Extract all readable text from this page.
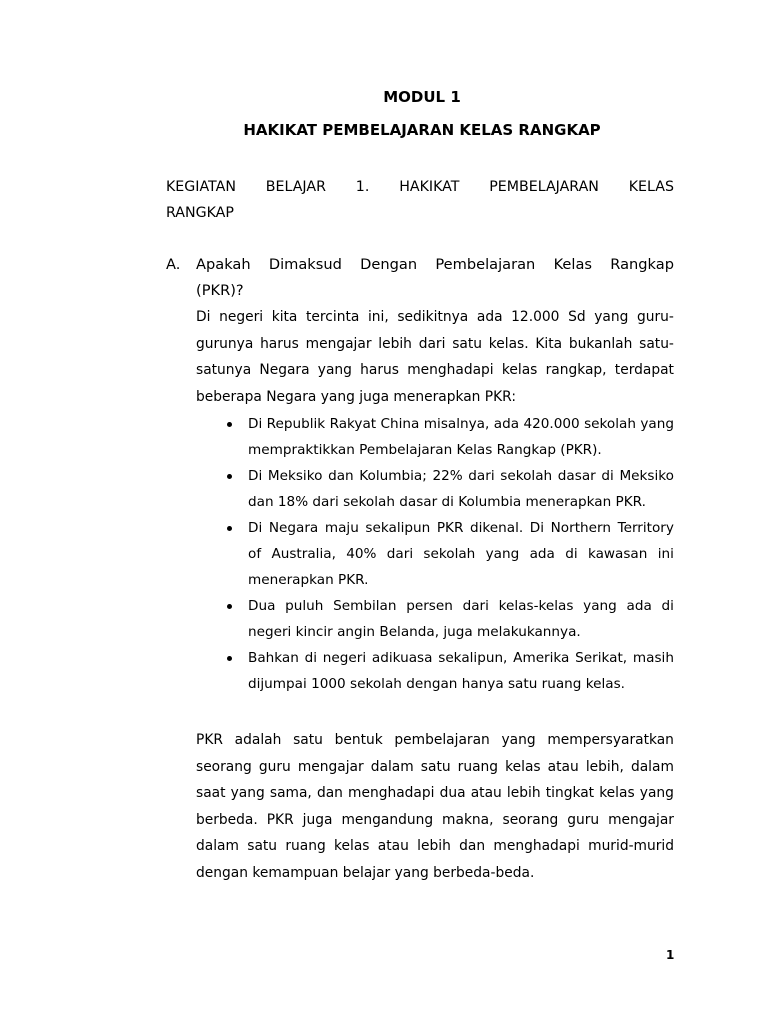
MODUL 1
HAKIKAT PEMBELAJARAN KELAS RANGKAP
KEGIATAN BELAJAR 1. HAKIKAT PEMBELAJARAN KELAS
RANGKAP
A. Apakah Dimaksud Dengan Pembelajaran Kelas Rangkap
(PKR)?
Di negeri kita tercinta ini, sedikitnya ada 12.000 Sd yang guru-
gurunya harus mengajar lebih dari satu kelas. Kita bukanlah satu-
satunya Negara yang harus menghadapi kelas rangkap, terdapat
beberapa Negara yang juga menerapkan PKR:
Di Republik Rakyat China misalnya, ada 420.000 sekolah yang
mempraktikkan Pembelajaran Kelas Rangkap (PKR).
Di Meksiko dan Kolumbia; 22% dari sekolah dasar di Meksiko
dan 18% dari sekolah dasar di Kolumbia menerapkan PKR.
Di Negara maju sekalipun PKR dikenal. Di Northern Territory
of Australia, 40% dari sekolah yang ada di kawasan ini
menerapkan PKR.
Dua puluh Sembilan persen dari kelas-kelas yang ada di
negeri kincir angin Belanda, juga melakukannya.
Bahkan di negeri adikuasa sekalipun, Amerika Serikat, masih
dijumpai 1000 sekolah dengan hanya satu ruang kelas.
PKR adalah satu bentuk pembelajaran yang mempersyaratkan
seorang guru mengajar dalam satu ruang kelas atau lebih, dalam
saat yang sama, dan menghadapi dua atau lebih tingkat kelas yang
berbeda. PKR juga mengandung makna, seorang guru mengajar
dalam satu ruang kelas atau lebih dan menghadapi murid-murid
dengan kemampuan belajar yang berbeda-beda.
1
